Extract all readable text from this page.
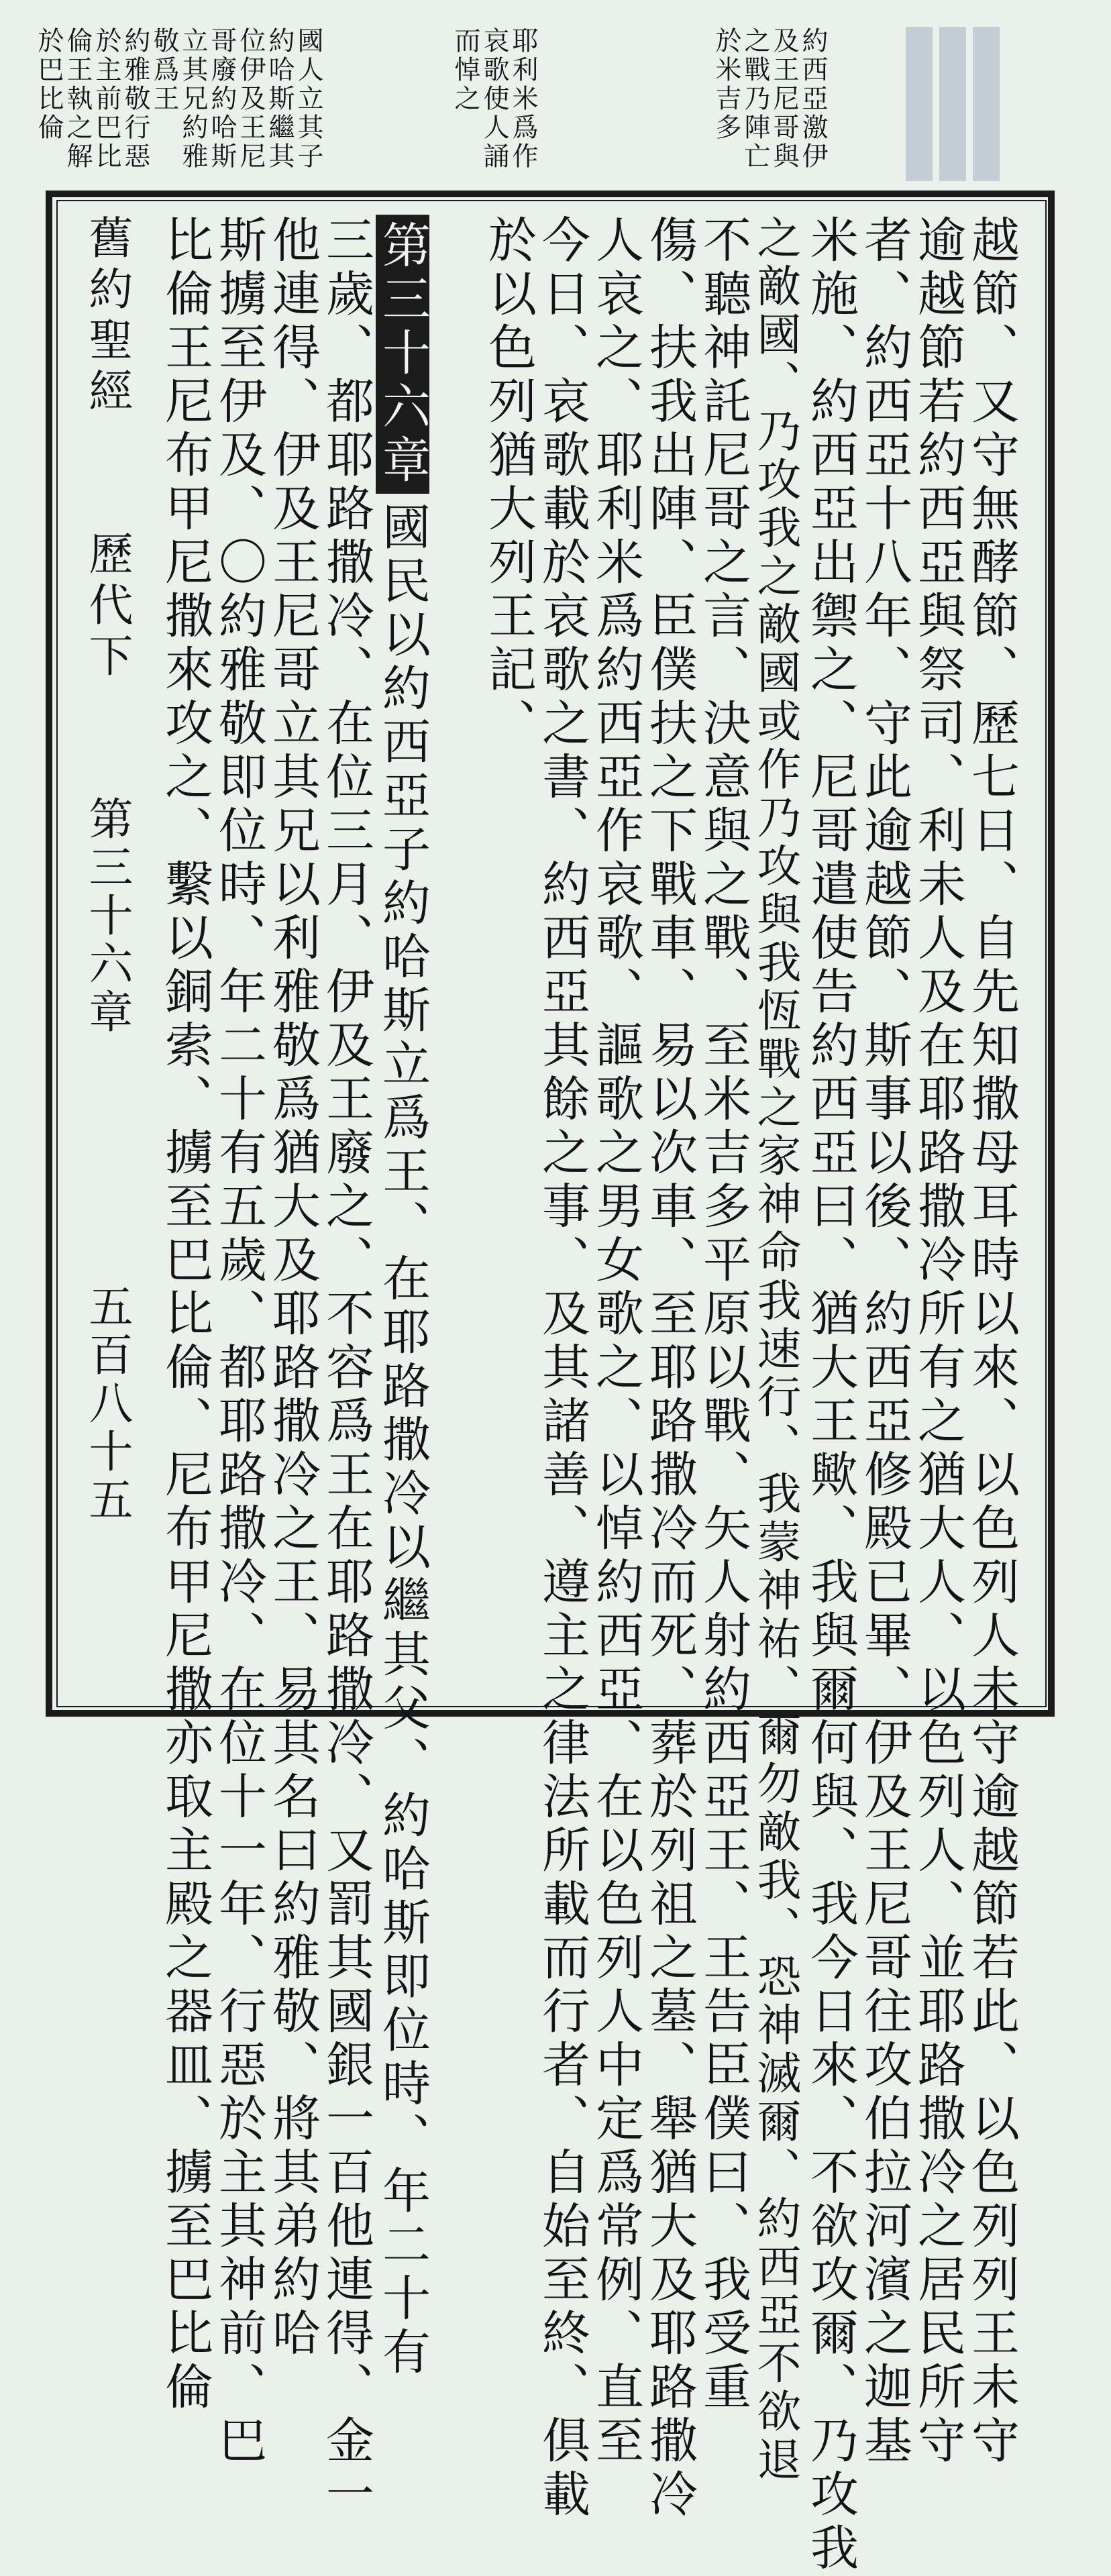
約西亞激伊
及王尼哥與
之戰乃陣亡
於米吉多
耶利米爲作
哀歌使人誦
而悼之
國人立其子
約哈斯繼其
位伊及王尼
哥廢約哈斯
立其兄約雅
敬爲王
約雅敬行惡
於主前巴比
倫王執之解
於巴比倫
越節、又守無酵節、歷七日、自先知撒母耳時以來、以色列人未守逾越節若此、以色列列王未守
逾越節若約西亞與祭司、利未人及在耶路撒冷所有之猶大人、以色列人、並耶路撒冷之居民所守
者、約西亞十八年、守此逾越節、斯事以後、約西亞修殿已畢、伊及王尼哥往攻伯拉河濱之迦基
米施、約西亞出禦之、尼哥遣使告約西亞曰、猶大王歟、我與爾何與、我今日來、不欲攻爾、乃攻我
之敵國、乃攻我之敵國或作乃攻與我恆戰之家神命我速行、我蒙神祐、爾勿敵我、恐神滅爾、約西亞不欲退
不聽神託尼哥之言、決意與之戰、至米吉多平原以戰、矢人射約西亞王、王告臣僕曰、我受重
傷、扶我出陣、臣僕扶之下戰車、易以次車、至耶路撒冷而死、葬於列祖之墓、舉猶大及耶路撒冷
人哀之、耶利米爲約西亞作哀歌、謳歌之男女歌之、以悼約西亞、在以色列人中定爲常例、直至
今日、哀歌載於哀歌之書、約西亞其餘之事、及其諸善、遵主之律法所載而行者、自始至終、俱載
於以色列猶大列王記、
第三十六章國民以約西亞子約哈斯立爲王、在耶路撒冷以繼其父、約哈斯即位時、年二十有
三歲、都耶路撒冷、在位三月、伊及王廢之、不容爲王在耶路撒冷、又罰其國銀一百他連得、金一
他連得、伊及王尼哥立其兄以利雅敬爲猶大及耶路撒冷之王、易其名曰約雅敬、將其弟約哈
斯擄至伊及、〇約雅敬即位時、年二十有五歲、都耶路撒冷、在位十一年、行惡於主其神前、巴
比倫王尼布甲尼撒來攻之、繫以銅索、擄至巴比倫、尼布甲尼撒亦取主殿之器皿、擄至巴比倫
舊約聖經 歷代下 第三十六章 五百八十五
